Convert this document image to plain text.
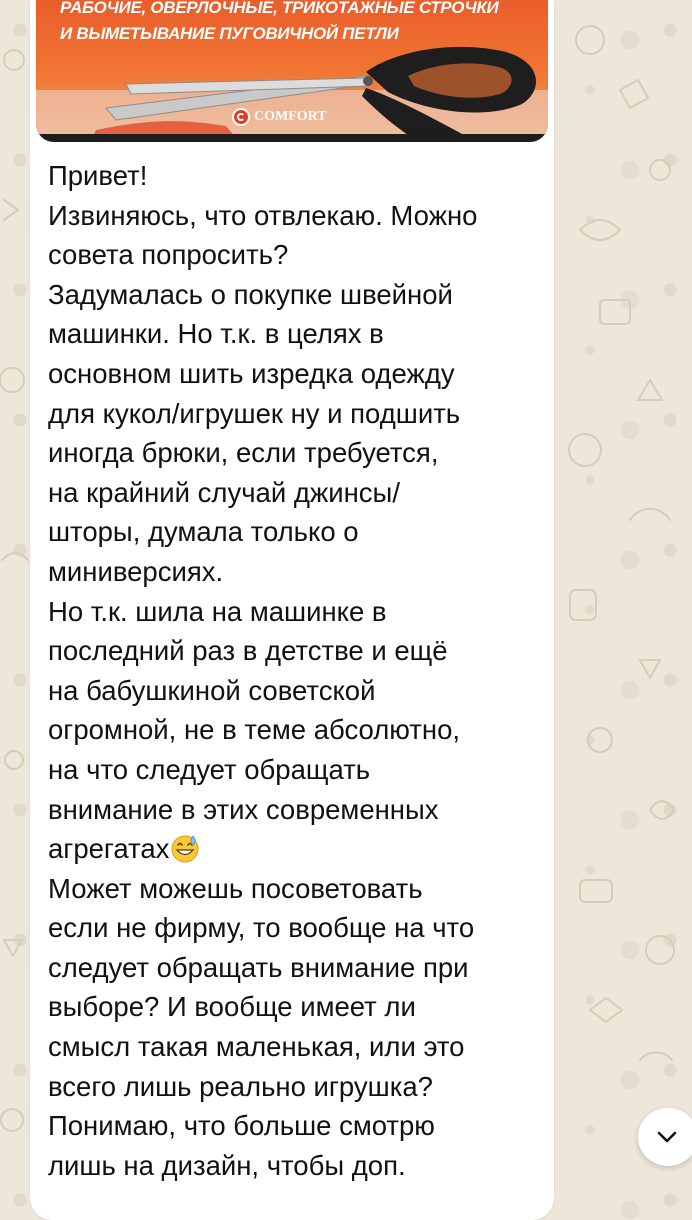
РАБОЧИЕ, ОВЕРЛОЧНЫЕ, ТРИКОТАЖНЫЕ СТРОЧКИ
И ВЫМЕТЫВАНИЕ ПУГОВИЧНОЙ ПЕТЛИ
COMFORT
Привет!
Извиняюсь, что отвлекаю. Можно
совета попросить?
Задумалась о покупке швейной
машинки. Но т.к. в целях в
основном шить изредка одежду
для кукол/игрушек ну и подшить
иногда брюки, если требуется,
на крайний случай джинсы/
шторы, думала только о
миниверсиях.
Но т.к. шила на машинке в
последний раз в детстве и ещё
на бабушкиной советской
огромной, не в теме абсолютно,
на что следует обращать
внимание в этих современных
агрегатах
Может можешь посоветовать
если не фирму, то вообще на что
следует обращать внимание при
выборе? И вообще имеет ли
смысл такая маленькая, или это
всего лишь реально игрушка?
Понимаю, что больше смотрю
лишь на дизайн, чтобы доп.
